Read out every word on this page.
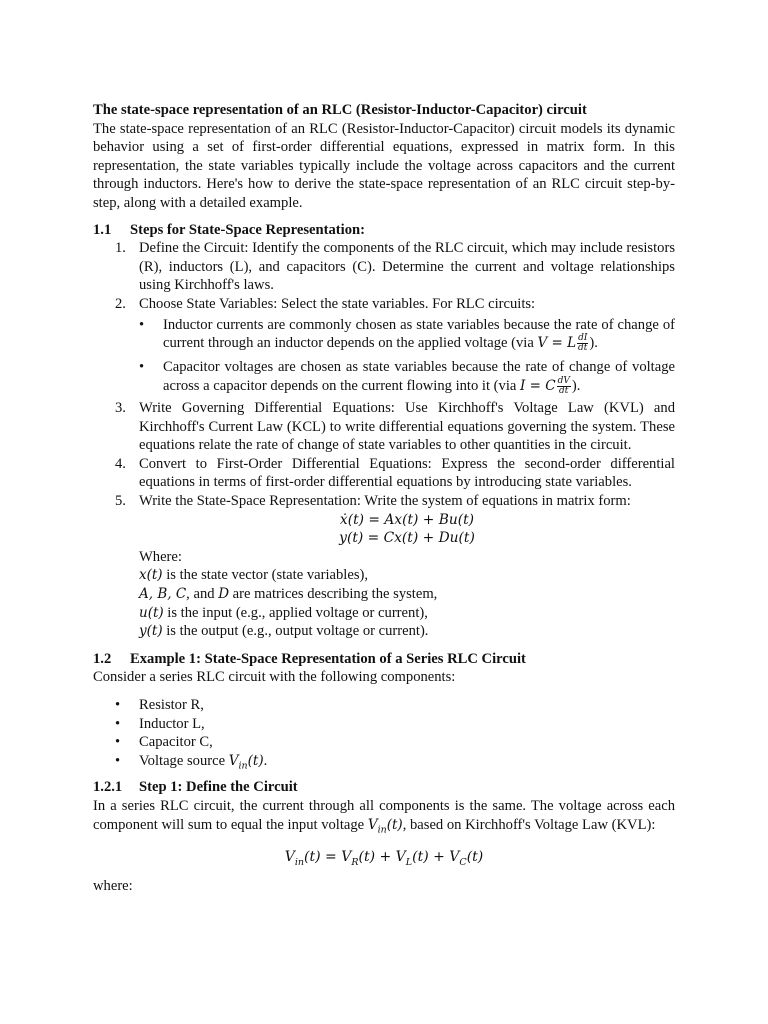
The state-space representation of an RLC (Resistor-Inductor-Capacitor) circuit

The state-space representation of an RLC (Resistor-Inductor-Capacitor) circuit models its dynamic behavior using a set of first-order differential equations, expressed in matrix form. In this representation, the state variables typically include the voltage across capacitors and the current through inductors. Here's how to derive the state-space representation of an RLC circuit step-by-step, along with a detailed example.

1.1	Steps for State-Space Representation:
1. Define the Circuit: Identify the components of the RLC circuit, which may include resistors (R), inductors (L), and capacitors (C). Determine the current and voltage relationships using Kirchhoff's laws.
2. Choose State Variables: Select the state variables. For RLC circuits:
•	Inductor currents are commonly chosen as state variables because the rate of change of current through an inductor depends on the applied voltage (via V = L $\frac{dI}{dt}$ ).
•	Capacitor voltages are chosen as state variables because the rate of change of voltage across a capacitor depends on the current flowing into it (via I = C $\frac{dV}{dt}$ ).
3. Write Governing Differential Equations: Use Kirchhoff's Voltage Law (KVL) and Kirchhoff's Current Law (KCL) to write differential equations governing the system. These equations relate the rate of change of state variables to other quantities in the circuit.
4. Convert to First-Order Differential Equations: Express the second-order differential equations in terms of first-order differential equations by introducing state variables.
5. Write the State-Space Representation: Write the system of equations in matrix form:
ẋ(t) = Ax(t) + Bu(t)
y(t) = Cx(t) + Du(t)
Where:
x(t) is the state vector (state variables),
A, B, C, and D are matrices describing the system,
u(t) is the input (e.g., applied voltage or current),
y(t) is the output (e.g., output voltage or current).
1.2	Example 1: State-Space Representation of a Series RLC Circuit

Consider a series RLC circuit with the following components:

•	Resistor R,
•	Inductor L,
•	Capacitor C,
•	Voltage source $V_{in}(t)$.
1.2.1	Step 1: Define the Circuit

In a series RLC circuit, the current through all components is the same. The voltage across each component will sum to equal the input voltage $V_{in}(t)$, based on Kirchhoff's Voltage Law (KVL):

$V_{in}(t) = V_R(t) + V_L(t) + V_C(t)$

where:
